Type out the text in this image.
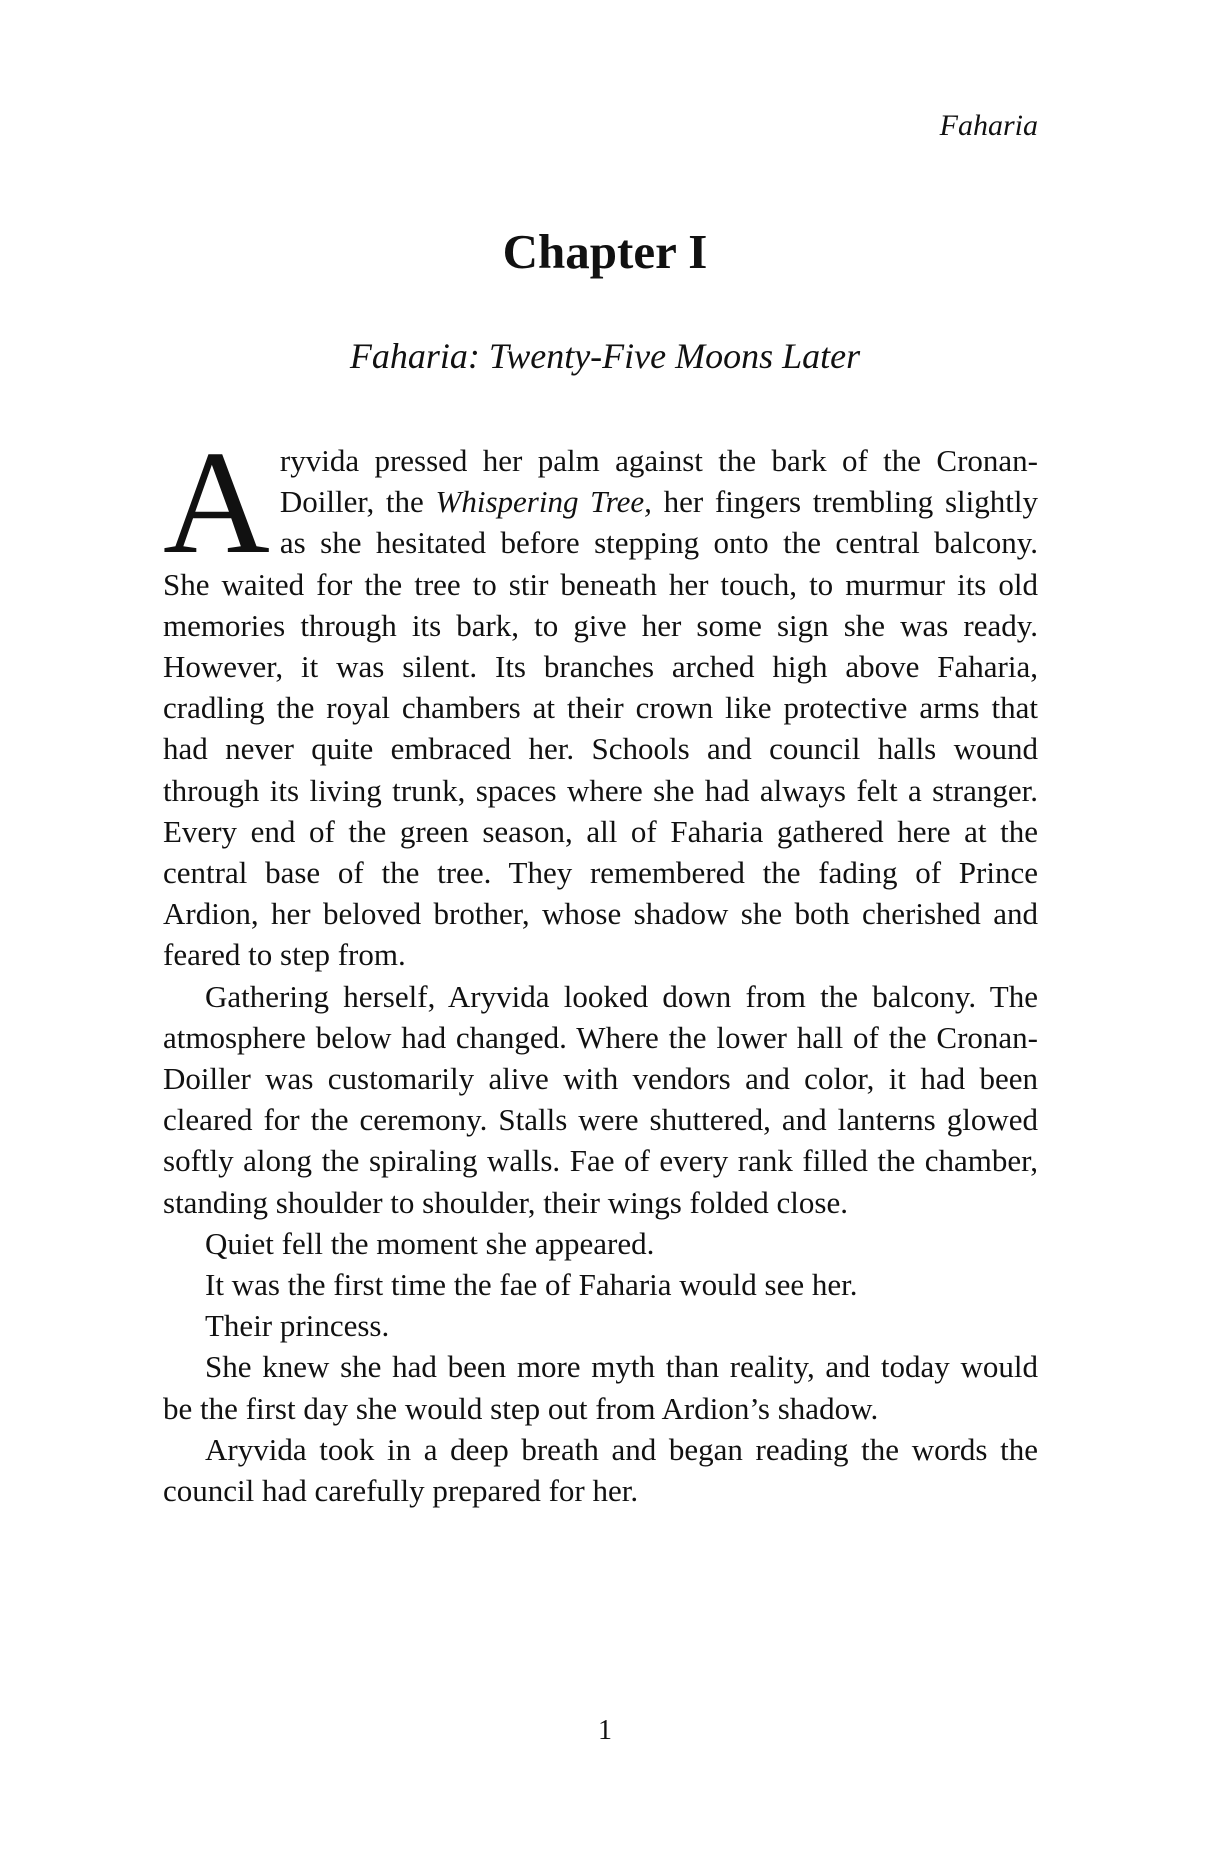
Faharia
Chapter I
Faharia: Twenty-Five Moons Later

Aryvida pressed her palm against the bark of the Cronan-Doiller, the Whispering Tree, her fingers trembling slightly as she hesitated before stepping onto the central balcony. She waited for the tree to stir beneath her touch, to murmur its old memories through its bark, to give her some sign she was ready. However, it was silent. Its branches arched high above Faharia, cradling the royal chambers at their crown like protective arms that had never quite embraced her. Schools and council halls wound through its living trunk, spaces where she had always felt a stranger. Every end of the green season, all of Faharia gathered here at the central base of the tree. They remembered the fading of Prince Ardion, her beloved brother, whose shadow she both cherished and feared to step from.

Gathering herself, Aryvida looked down from the balcony. The atmosphere below had changed. Where the lower hall of the Cronan-Doiller was customarily alive with vendors and color, it had been cleared for the ceremony. Stalls were shuttered, and lanterns glowed softly along the spiraling walls. Fae of every rank filled the chamber, standing shoulder to shoulder, their wings folded close.

Quiet fell the moment she appeared.

It was the first time the fae of Faharia would see her.

Their princess.

She knew she had been more myth than reality, and today would be the first day she would step out from Ardion’s shadow.

Aryvida took in a deep breath and began reading the words the council had carefully prepared for her.

1
